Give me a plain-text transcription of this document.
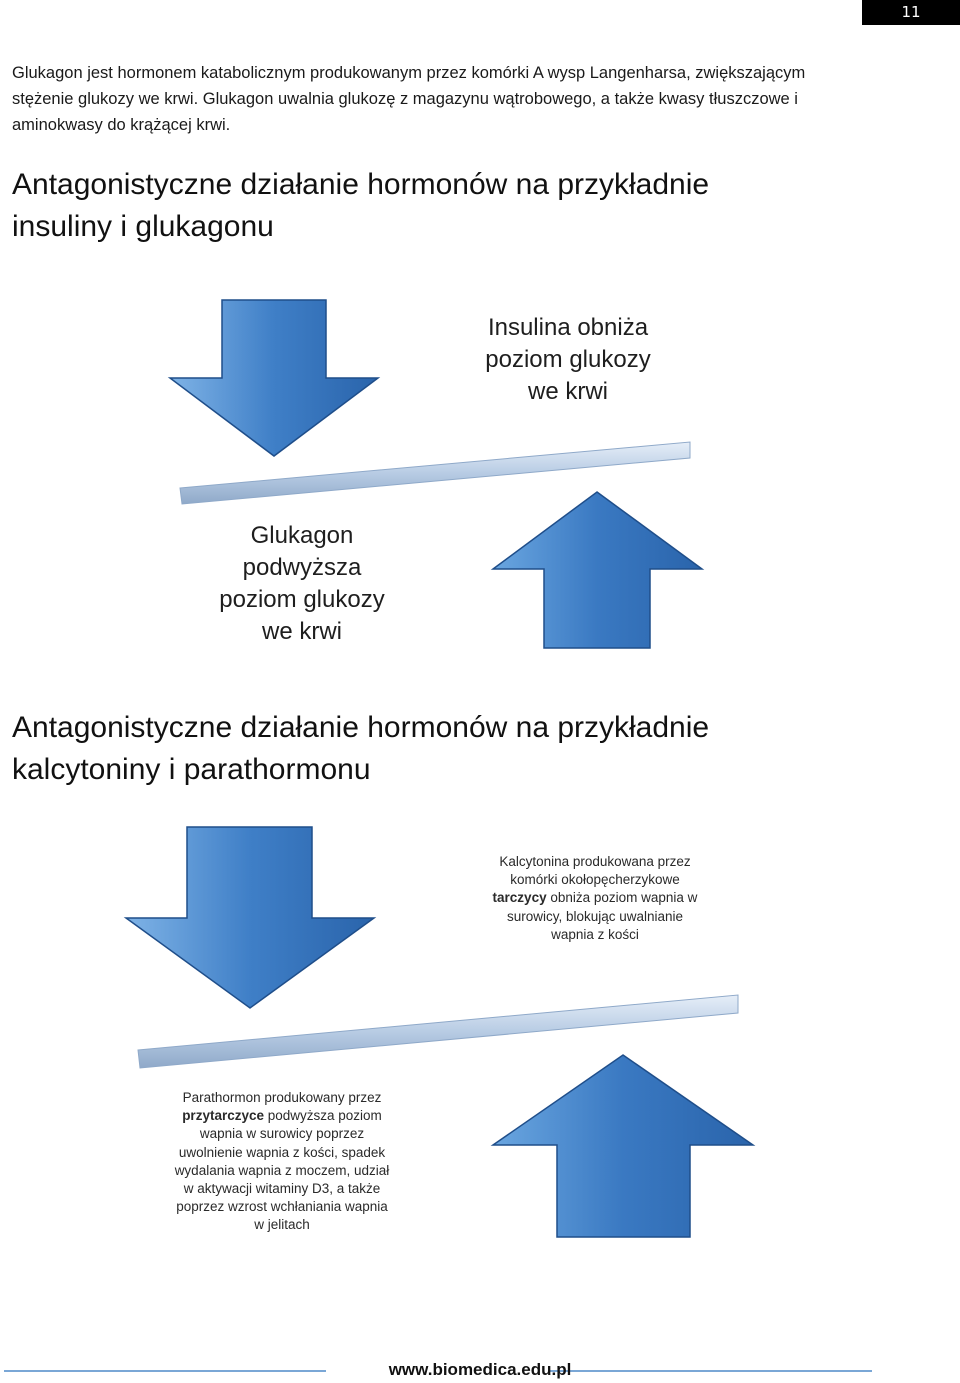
11

Glukagon jest hormonem katabolicznym produkowanym przez komórki A wysp Langenharsa, zwiększającym stężenie glukozy we krwi. Glukagon uwalnia glukozę z magazynu wątrobowego, a także kwasy tłuszczowe i aminokwasy do krążącej krwi.

Antagonistyczne działanie hormonów na przykładnie
insuliny i glukagonu
Insulina obniża
poziom glukozy
we krwi
Glukagon
podwyższa
poziom glukozy
we krwi
Antagonistyczne działanie hormonów na przykładnie
kalcytoniny i parathormonu
Kalcytonina produkowana przez
komórki okołopęcherzykowe
tarczycy obniża poziom wapnia w
surowicy, blokując uwalnianie
wapnia z kości
Parathormon produkowany przez
przytarczyce podwyższa poziom
wapnia w surowicy poprzez
uwolnienie wapnia z kości, spadek
wydalania wapnia z moczem, udział
w aktywacji witaminy D3, a także
poprzez wzrost wchłaniania wapnia
w jelitach
www.biomedica.edu.pl
